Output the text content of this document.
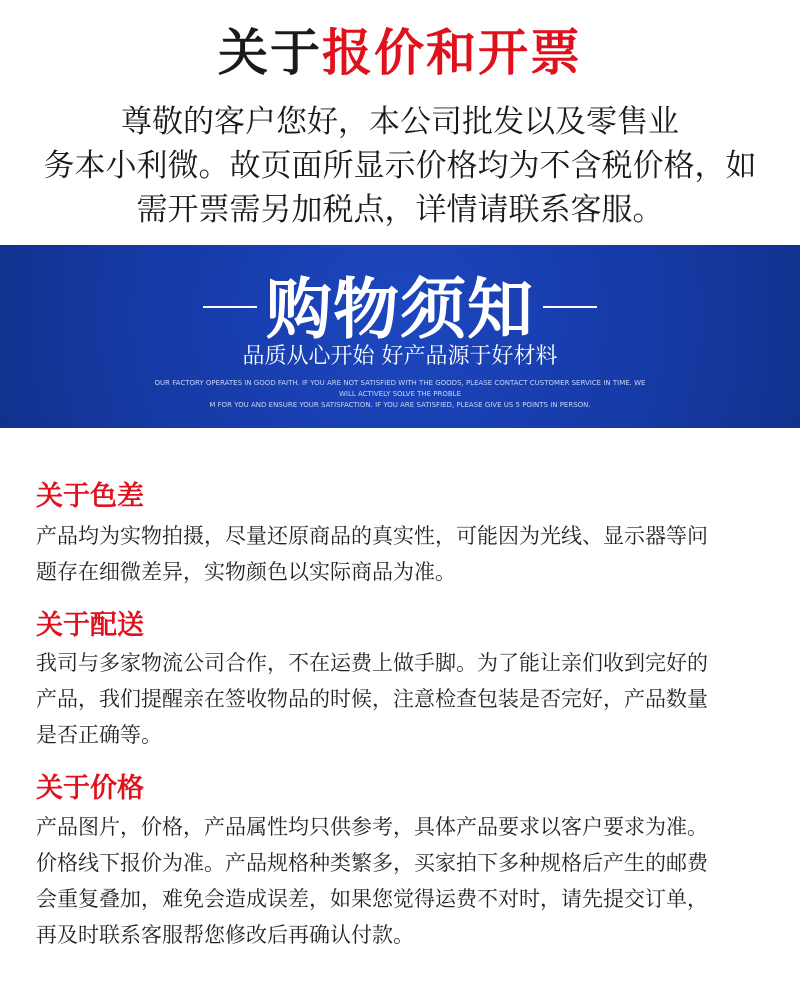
关于报价和开票
尊敬的客户您好，本公司批发以及零售业
务本小利微。故页面所显示价格均为不含税价格，如
需开票需另加税点，详情请联系客服。
购物须知
品质从心开始 好产品源于好材料
OUR FACTORY OPERATES IN GOOD FAITH. IF YOU ARE NOT SATISFIED WITH THE GOODS, PLEASE CONTACT CUSTOMER SERVICE IN TIME. WE WILL ACTIVELY SOLVE THE PROBLE
M FOR YOU AND ENSURE YOUR SATISFACTION. IF YOU ARE SATISFIED, PLEASE GIVE US 5 POINTS IN PERSON.
关于色差
产品均为实物拍摄，尽量还原商品的真实性，可能因为光线、显示器等问
题存在细微差异，实物颜色以实际商品为准。
关于配送
我司与多家物流公司合作，不在运费上做手脚。为了能让亲们收到完好的
产品，我们提醒亲在签收物品的时候，注意检查包装是否完好，产品数量
是否正确等。
关于价格
产品图片，价格，产品属性均只供参考，具体产品要求以客户要求为准。
价格线下报价为准。产品规格种类繁多，买家拍下多种规格后产生的邮费
会重复叠加，难免会造成误差，如果您觉得运费不对时，请先提交订单，
再及时联系客服帮您修改后再确认付款。
